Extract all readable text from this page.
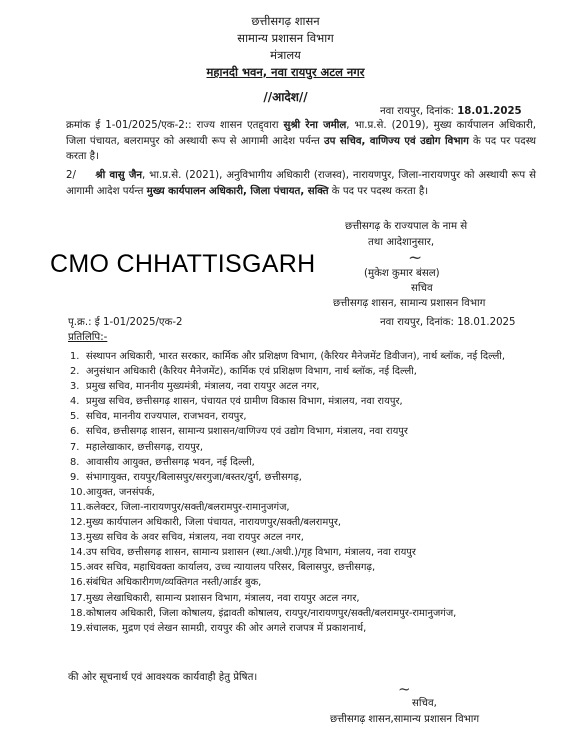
छत्तीसगढ़ शासन
सामान्य प्रशासन विभाग
मंत्रालय
महानदी भवन, नवा रायपुर अटल नगर
//आदेश//
नवा रायपुर, दिनांक: 18.01.2025
क्रमांक ई 1-01/2025/एक-2:: राज्य शासन एतद्द्वारा सुश्री रेना जमील, भा.प्र.से. (2019), मुख्य कार्यपालन अधिकारी, जिला पंचायत, बलरामपुर को अस्थायी रूप से आगामी आदेश पर्यन्त उप सचिव, वाणिज्य एवं उद्योग विभाग के पद पर पदस्थ करता है।
2/ श्री वासु जैन, भा.प्र.से. (2021), अनुविभागीय अधिकारी (राजस्व), नारायणपुर, जिला-नारायणपुर को अस्थायी रूप से आगामी आदेश पर्यन्त मुख्य कार्यपालन अधिकारी, जिला पंचायत, सक्ति के पद पर पदस्थ करता है।
छत्तीसगढ़ के राज्यपाल के नाम से
तथा आदेशानुसार,
~
(मुकेश कुमार बंसल)
सचिव
छत्तीसगढ़ शासन, सामान्य प्रशासन विभाग
CMO CHHATTISGARH
पृ.क्र.: ई 1-01/2025/एक-2	नवा रायपुर, दिनांक: 18.01.2025
प्रतिलिपि:-
1. संस्थापन अधिकारी, भारत सरकार, कार्मिक और प्रशिक्षण विभाग, (कैरियर मैनेजमेंट डिवीजन), नार्थ ब्लॉक, नई दिल्ली,
2. अनुसंधान अधिकारी (कैरियर मैनेजमेंट), कार्मिक एवं प्रशिक्षण विभाग, नार्थ ब्लॉक, नई दिल्ली,
3. प्रमुख सचिव, माननीय मुख्यमंत्री, मंत्रालय, नवा रायपुर अटल नगर,
4. प्रमुख सचिव, छत्तीसगढ़ शासन, पंचायत एवं ग्रामीण विकास विभाग, मंत्रालय, नवा रायपुर,
5. सचिव, माननीय राज्यपाल, राजभवन, रायपुर,
6. सचिव, छत्तीसगढ़ शासन, सामान्य प्रशासन/वाणिज्य एवं उद्योग विभाग, मंत्रालय, नवा रायपुर
7. महालेखाकार, छत्तीसगढ़, रायपुर,
8. आवासीय आयुक्त, छत्तीसगढ़ भवन, नई दिल्ली,
9. संभागायुक्त, रायपुर/बिलासपुर/सरगुजा/बस्तर/दुर्ग, छत्तीसगढ़,
10. आयुक्त, जनसंपर्क,
11. कलेक्टर, जिला-नारायणपुर/सक्ती/बलरामपुर-रामानुजगंज,
12. मुख्य कार्यपालन अधिकारी, जिला पंचायत, नारायणपुर/सक्ती/बलरामपुर,
13. मुख्य सचिव के अवर सचिव, मंत्रालय, नवा रायपुर अटल नगर,
14. उप सचिव, छत्तीसगढ़ शासन, सामान्य प्रशासन (स्था./अधी.)/गृह विभाग, मंत्रालय, नवा रायपुर
15. अवर सचिव, महाधिवक्ता कार्यालय, उच्च न्यायालय परिसर, बिलासपुर, छत्तीसगढ़,
16. संबंधित अधिकारीगण/व्यक्तिगत नस्ती/आर्डर बुक,
17. मुख्य लेखाधिकारी, सामान्य प्रशासन विभाग, मंत्रालय, नवा रायपुर अटल नगर,
18. कोषालय अधिकारी, जिला कोषालय, इंद्रावती कोषालय, रायपुर/नारायणपुर/सक्ती/बलरामपुर-रामानुजगंज,
19. संचालक, मुद्रण एवं लेखन सामग्री, रायपुर की ओर अगले राजपत्र में प्रकाशनार्थ,
की ओर सूचनार्थ एवं आवश्यक कार्यवाही हेतु प्रेषित।
~
सचिव,
छत्तीसगढ़ शासन,सामान्य प्रशासन विभाग
